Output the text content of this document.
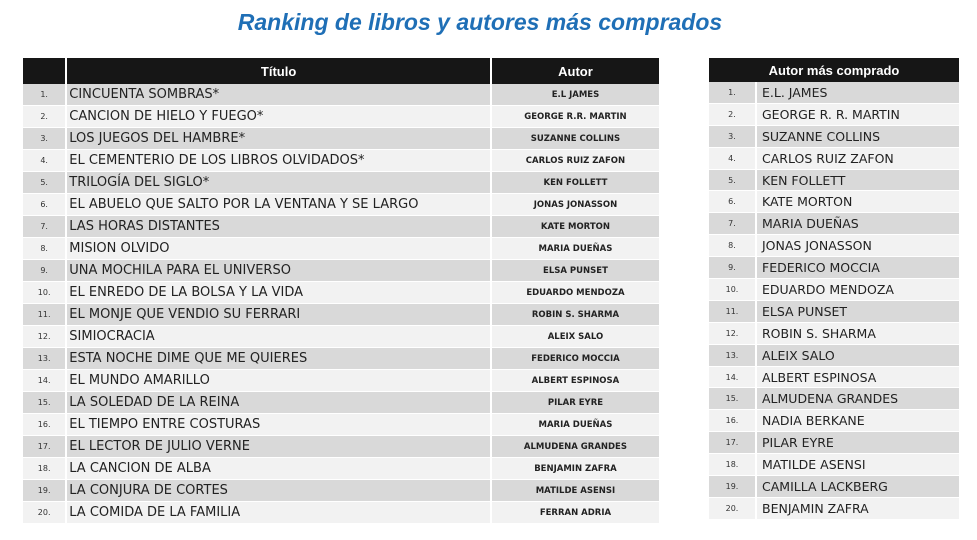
Ranking de libros y autores más comprados
	Título	Autor
1.	CINCUENTA SOMBRAS*	E.L JAMES
2.	CANCION DE HIELO Y FUEGO*	GEORGE R.R. MARTIN
3.	LOS JUEGOS DEL HAMBRE*	SUZANNE COLLINS
4.	EL CEMENTERIO DE LOS LIBROS OLVIDADOS*	CARLOS RUIZ ZAFON
5.	TRILOGÍA DEL SIGLO*	KEN FOLLETT
6.	EL ABUELO QUE SALTO POR LA VENTANA Y SE LARGO	JONAS JONASSON
7.	LAS HORAS DISTANTES	KATE MORTON
8.	MISION OLVIDO	MARIA DUEÑAS
9.	UNA MOCHILA PARA EL UNIVERSO	ELSA PUNSET
10.	EL ENREDO DE LA BOLSA Y LA VIDA	EDUARDO MENDOZA
11.	EL MONJE QUE VENDIO SU FERRARI	ROBIN S. SHARMA
12.	SIMIOCRACIA	ALEIX SALO
13.	ESTA NOCHE DIME QUE ME QUIERES	FEDERICO MOCCIA
14.	EL MUNDO AMARILLO	ALBERT ESPINOSA
15.	LA SOLEDAD DE LA REINA	PILAR EYRE
16.	EL TIEMPO ENTRE COSTURAS	MARIA DUEÑAS
17.	EL LECTOR DE JULIO VERNE	ALMUDENA GRANDES
18.	LA CANCION DE ALBA	BENJAMIN ZAFRA
19.	LA CONJURA DE CORTES	MATILDE ASENSI
20.	LA COMIDA DE LA FAMILIA	FERRAN ADRIA
Autor más comprado	
1.	E.L. JAMES
2.	GEORGE R. R. MARTIN
3.	SUZANNE COLLINS
4.	CARLOS RUIZ ZAFON
5.	KEN FOLLETT
6.	KATE MORTON
7.	MARIA DUEÑAS
8.	JONAS JONASSON
9.	FEDERICO MOCCIA
10.	EDUARDO MENDOZA
11.	ELSA PUNSET
12.	ROBIN S. SHARMA
13.	ALEIX SALO
14.	ALBERT ESPINOSA
15.	ALMUDENA GRANDES
16.	NADIA BERKANE
17.	PILAR EYRE
18.	MATILDE ASENSI
19.	CAMILLA LACKBERG
20.	BENJAMIN ZAFRA
